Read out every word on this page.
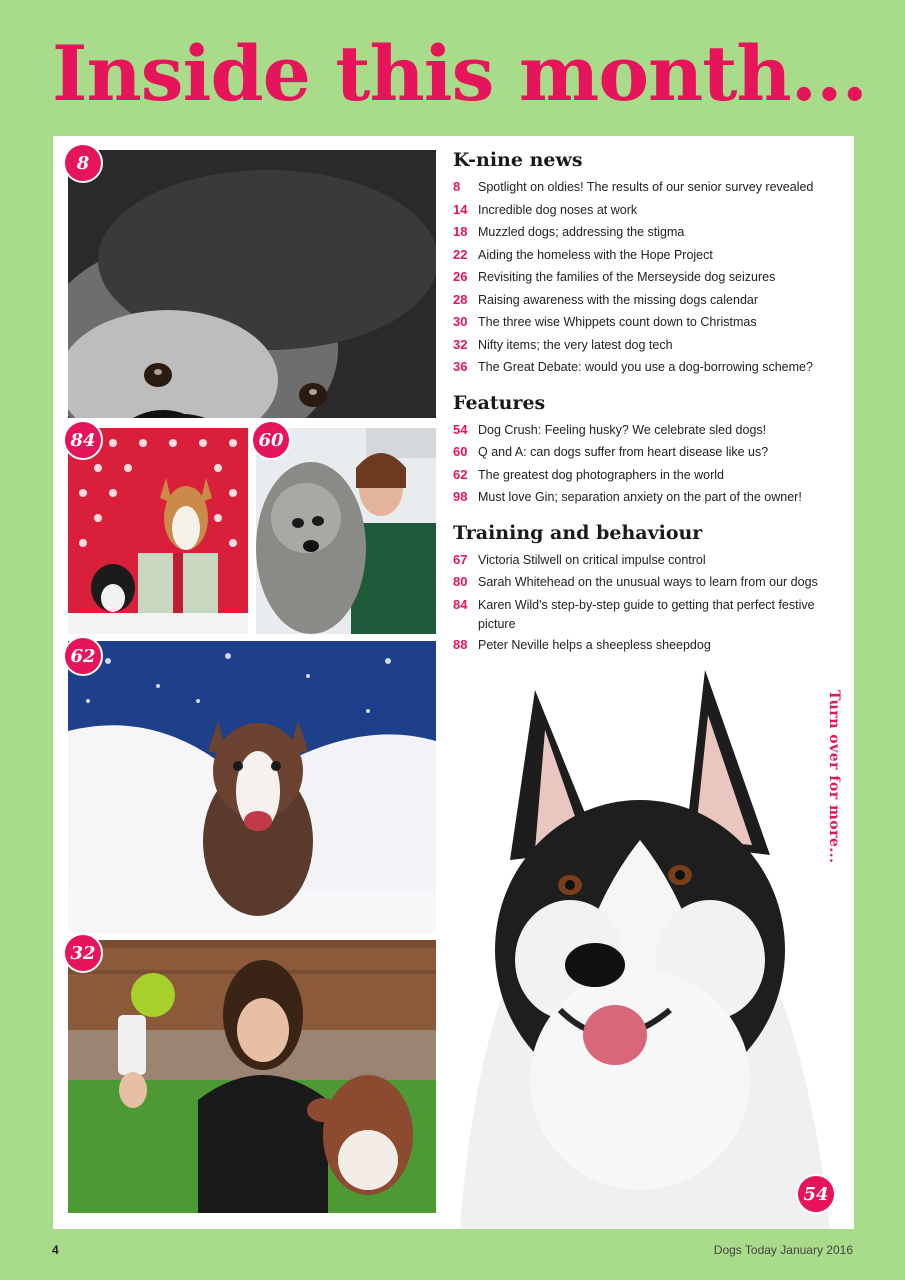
Inside this month...
8
84	60
62
32
54
K-nine news
8	Spotlight on oldies! The results of our senior survey revealed
14 Incredible dog noses at work
18 Muzzled dogs; addressing the stigma
22 Aiding the homeless with the Hope Project
26 Revisiting the families of the Merseyside dog seizures
28 Raising awareness with the missing dogs calendar
30 The three wise Whippets count down to Christmas
32 Nifty items; the very latest dog tech
36 The Great Debate: would you use a dog-borrowing scheme?
Features
54 Dog Crush: Feeling husky? We celebrate sled dogs!
60 Q and A: can dogs suffer from heart disease like us?
62 The greatest dog photographers in the world
98 Must love Gin; separation anxiety on the part of the owner!
Training and behaviour
67 Victoria Stilwell on critical impulse control
80 Sarah Whitehead on the unusual ways to learn from our dogs
84 Karen Wild's step-by-step guide to getting that perfect festive picture
88 Peter Neville helps a sheepless sheepdog
Turn over for more...
4	Dogs Today January 2016
